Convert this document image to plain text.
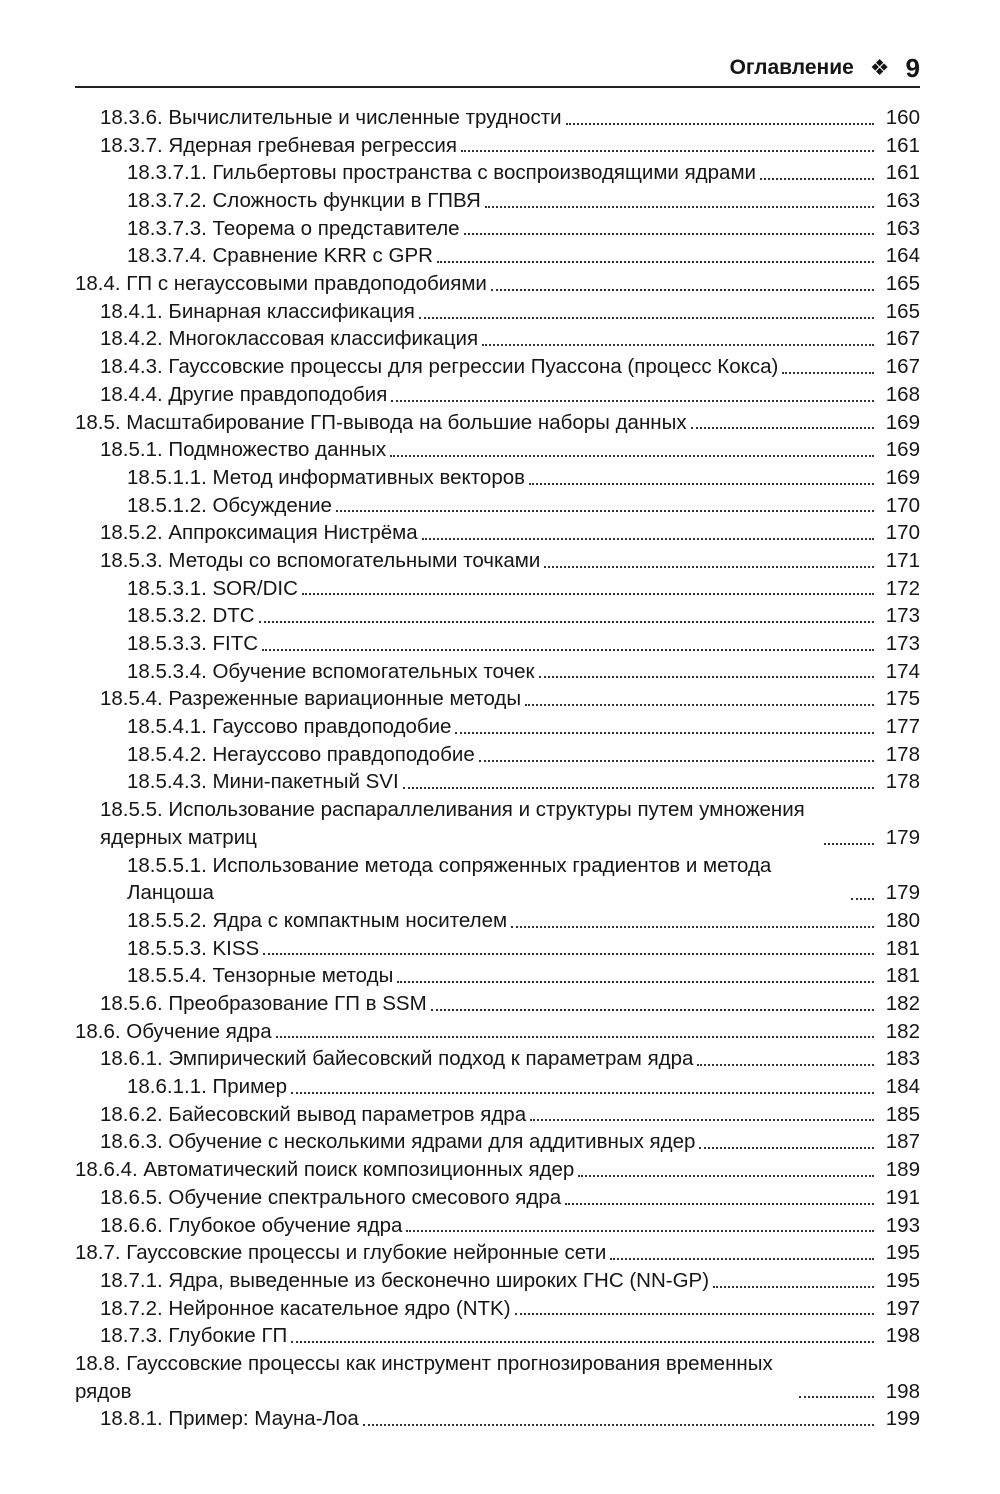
Оглавление ❖ 9
18.3.6. Вычислительные и численные трудности	160
18.3.7. Ядерная гребневая регрессия	161
18.3.7.1. Гильбертовы пространства с воспроизводящими ядрами	161
18.3.7.2. Сложность функции в ГПВЯ	163
18.3.7.3. Теорема о представителе	163
18.3.7.4. Сравнение KRR с GPR	164
18.4. ГП с негауссовыми правдоподобиями	165
18.4.1. Бинарная классификация	165
18.4.2. Многоклассовая классификация	167
18.4.3. Гауссовские процессы для регрессии Пуассона (процесс Кокса)	167
18.4.4. Другие правдоподобия	168
18.5. Масштабирование ГП-вывода на большие наборы данных	169
18.5.1. Подмножество данных	169
18.5.1.1. Метод информативных векторов	169
18.5.1.2. Обсуждение	170
18.5.2. Аппроксимация Нистрёма	170
18.5.3. Методы со вспомогательными точками	171
18.5.3.1. SOR/DIC	172
18.5.3.2. DTC	173
18.5.3.3. FITC	173
18.5.3.4. Обучение вспомогательных точек	174
18.5.4. Разреженные вариационные методы	175
18.5.4.1. Гауссово правдоподобие	177
18.5.4.2. Негауссово правдоподобие	178
18.5.4.3. Мини-пакетный SVI	178
18.5.5. Использование распараллеливания и структуры путем умножения ядерных матриц	179
18.5.5.1. Использование метода сопряженных градиентов и метода Ланцоша	179
18.5.5.2. Ядра с компактным носителем	180
18.5.5.3. KISS	181
18.5.5.4. Тензорные методы	181
18.5.6. Преобразование ГП в SSM	182
18.6. Обучение ядра	182
18.6.1. Эмпирический байесовский подход к параметрам ядра	183
18.6.1.1. Пример	184
18.6.2. Байесовский вывод параметров ядра	185
18.6.3. Обучение с несколькими ядрами для аддитивных ядер	187
18.6.4. Автоматический поиск композиционных ядер	189
18.6.5. Обучение спектрального смесового ядра	191
18.6.6. Глубокое обучение ядра	193
18.7. Гауссовские процессы и глубокие нейронные сети	195
18.7.1. Ядра, выведенные из бесконечно широких ГНС (NN-GP)	195
18.7.2. Нейронное касательное ядро (NTK)	197
18.7.3. Глубокие ГП	198
18.8. Гауссовские процессы как инструмент прогнозирования временных рядов	198
18.8.1. Пример: Мауна-Лоа	199
